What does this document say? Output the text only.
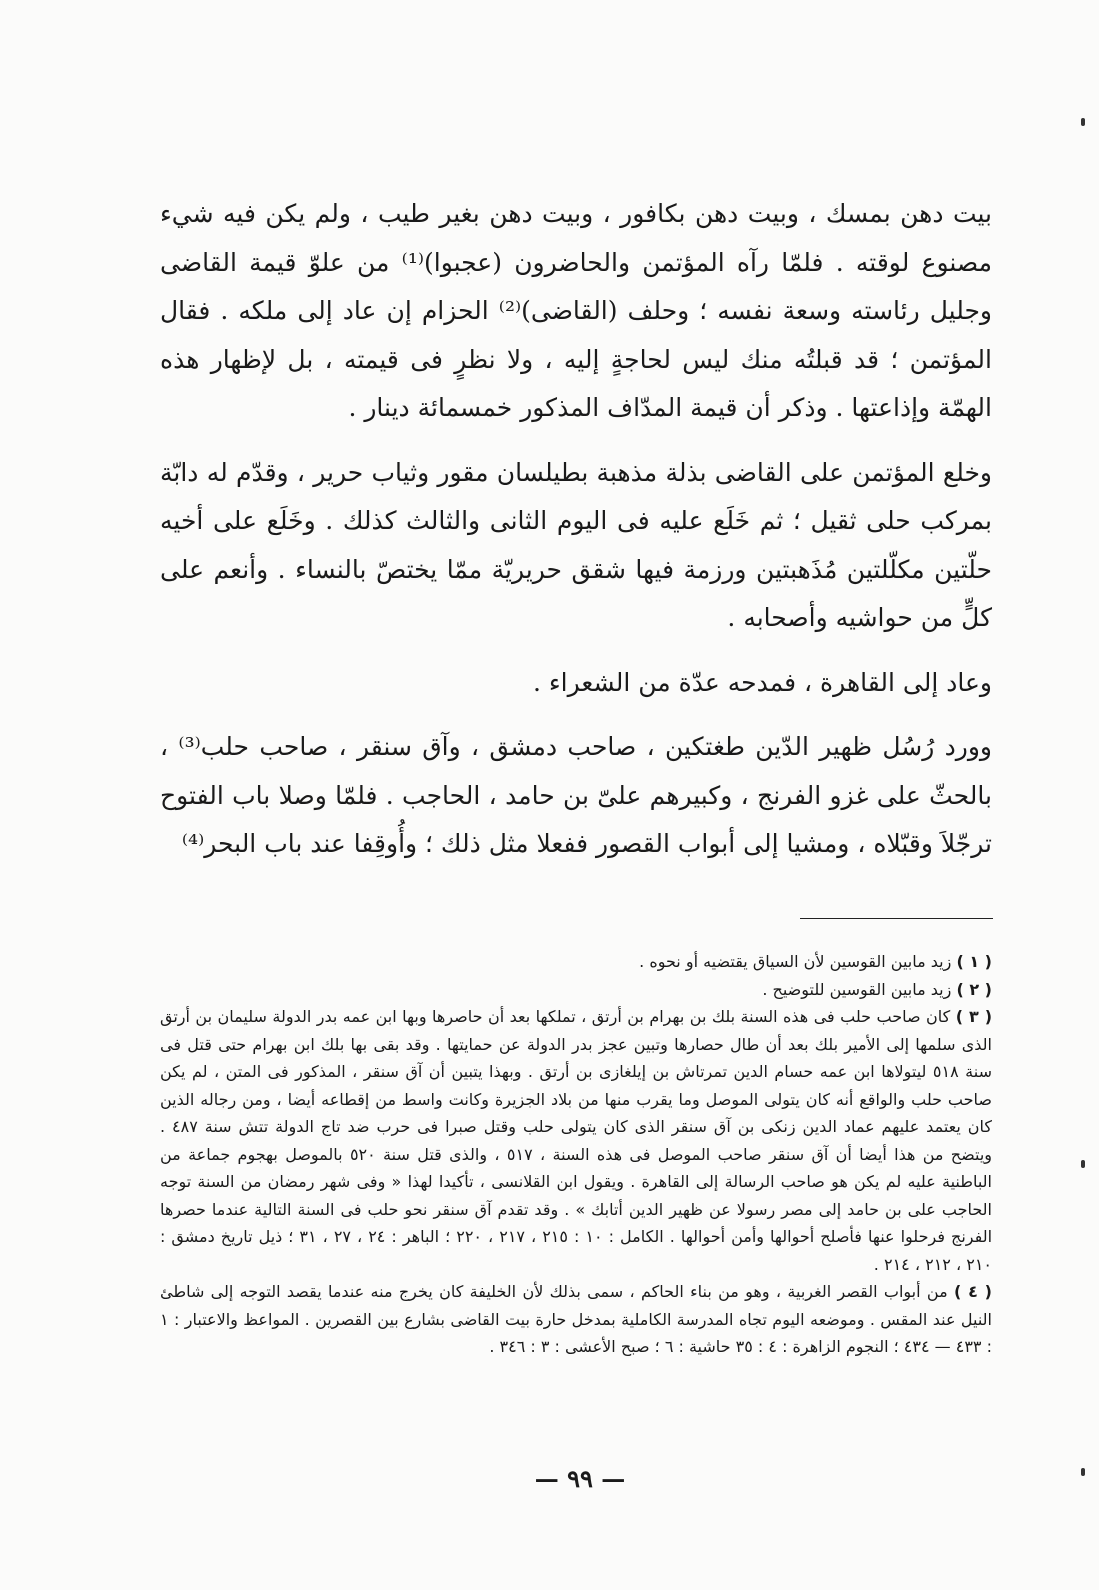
بيت دهن بمسك ، وبيت دهن بكافور ، وبيت دهن بغير طيب ، ولم يكن فيه شيء مصنوع لوقته . فلمّا رآه المؤتمن والحاضرون (عجبوا)⁽¹⁾ من علوّ قيمة القاضى وجليل رئاسته وسعة نفسه ؛ وحلف (القاضى)⁽²⁾ الحزام إن عاد إلى ملكه . فقال المؤتمن ؛ قد قبلتُه منك ليس لحاجةٍ إليه ، ولا نظرٍ فى قيمته ، بل لإظهار هذه الهمّة وإذاعتها . وذكر أن قيمة المدّاف المذكور خمسمائة دينار .

وخلع المؤتمن على القاضى بذلة مذهبة بطيلسان مقور وثياب حرير ، وقدّم له دابّة بمركب حلى ثقيل ؛ ثم خَلَع عليه فى اليوم الثانى والثالث كذلك . وخَلَع على أخيه حلّتين مكلّلتين مُذَهبتين ورزمة فيها شقق حريريّة ممّا يختصّ بالنساء . وأنعم على كلٍّ من حواشيه وأصحابه .

وعاد إلى القاهرة ، فمدحه عدّة من الشعراء .

وورد رُسُل ظهير الدّين طغتكين ، صاحب دمشق ، وآق سنقر ، صاحب حلب⁽³⁾ ، بالحثّ على غزو الفرنج ، وكبيرهم علىّ بن حامد ، الحاجب . فلمّا وصلا باب الفتوح ترجّلاَ وقبّلاه ، ومشيا إلى أبواب القصور ففعلا مثل ذلك ؛ وأُوقِفا عند باب البحر⁽⁴⁾

( ١ ) زيد مابين القوسين لأن السياق يقتضيه أو نحوه .

( ٢ ) زيد مابين القوسين للتوضيح .

( ٣ ) كان صاحب حلب فى هذه السنة بلك بن بهرام بن أرتق ، تملكها بعد أن حاصرها وبها ابن عمه بدر الدولة سليمان بن أرتق الذى سلمها إلى الأمير بلك بعد أن طال حصارها وتبين عجز بدر الدولة عن حمايتها . وقد بقى بها بلك ابن بهرام حتى قتل فى سنة ٥١٨ ليتولاها ابن عمه حسام الدين تمرتاش بن إيلغازى بن أرتق . وبهذا يتبين أن آق سنقر ، المذكور فى المتن ، لم يكن صاحب حلب والواقع أنه كان يتولى الموصل وما يقرب منها من بلاد الجزيرة وكانت واسط من إقطاعه أيضا ، ومن رجاله الذين كان يعتمد عليهم عماد الدين زنكى بن آق سنقر الذى كان يتولى حلب وقتل صبرا فى حرب ضد تاج الدولة تتش سنة ٤٨٧ . ويتضح من هذا أيضا أن آق سنقر صاحب الموصل فى هذه السنة ، ٥١٧ ، والذى قتل سنة ٥٢٠ بالموصل بهجوم جماعة من الباطنية عليه لم يكن هو صاحب الرسالة إلى القاهرة . ويقول ابن القلانسى ، تأكيدا لهذا « وفى شهر رمضان من السنة توجه الحاجب على بن حامد إلى مصر رسولا عن ظهير الدين أتابك » . وقد تقدم آق سنقر نحو حلب فى السنة التالية عندما حصرها الفرنج فرحلوا عنها فأصلح أحوالها وأمن أحوالها . الكامل : ١٠ : ٢١٥ ، ٢١٧ ، ٢٢٠ ؛ الباهر : ٢٤ ، ٢٧ ، ٣١ ؛ ذيل تاريخ دمشق : ٢١٠ ، ٢١٢ ، ٢١٤ .

( ٤ ) من أبواب القصر الغربية ، وهو من بناء الحاكم ، سمى بذلك لأن الخليفة كان يخرج منه عندما يقصد التوجه إلى شاطئ النيل عند المقس . وموضعه اليوم تجاه المدرسة الكاملية بمدخل حارة بيت القاضى بشارع بين القصرين . المواعظ والاعتبار : ١ : ٤٣٣ — ٤٣٤ ؛ النجوم الزاهرة : ٤ : ٣٥ حاشية : ٦ ؛ صبح الأعشى : ٣ : ٣٤٦ .

— ٩٩ —
